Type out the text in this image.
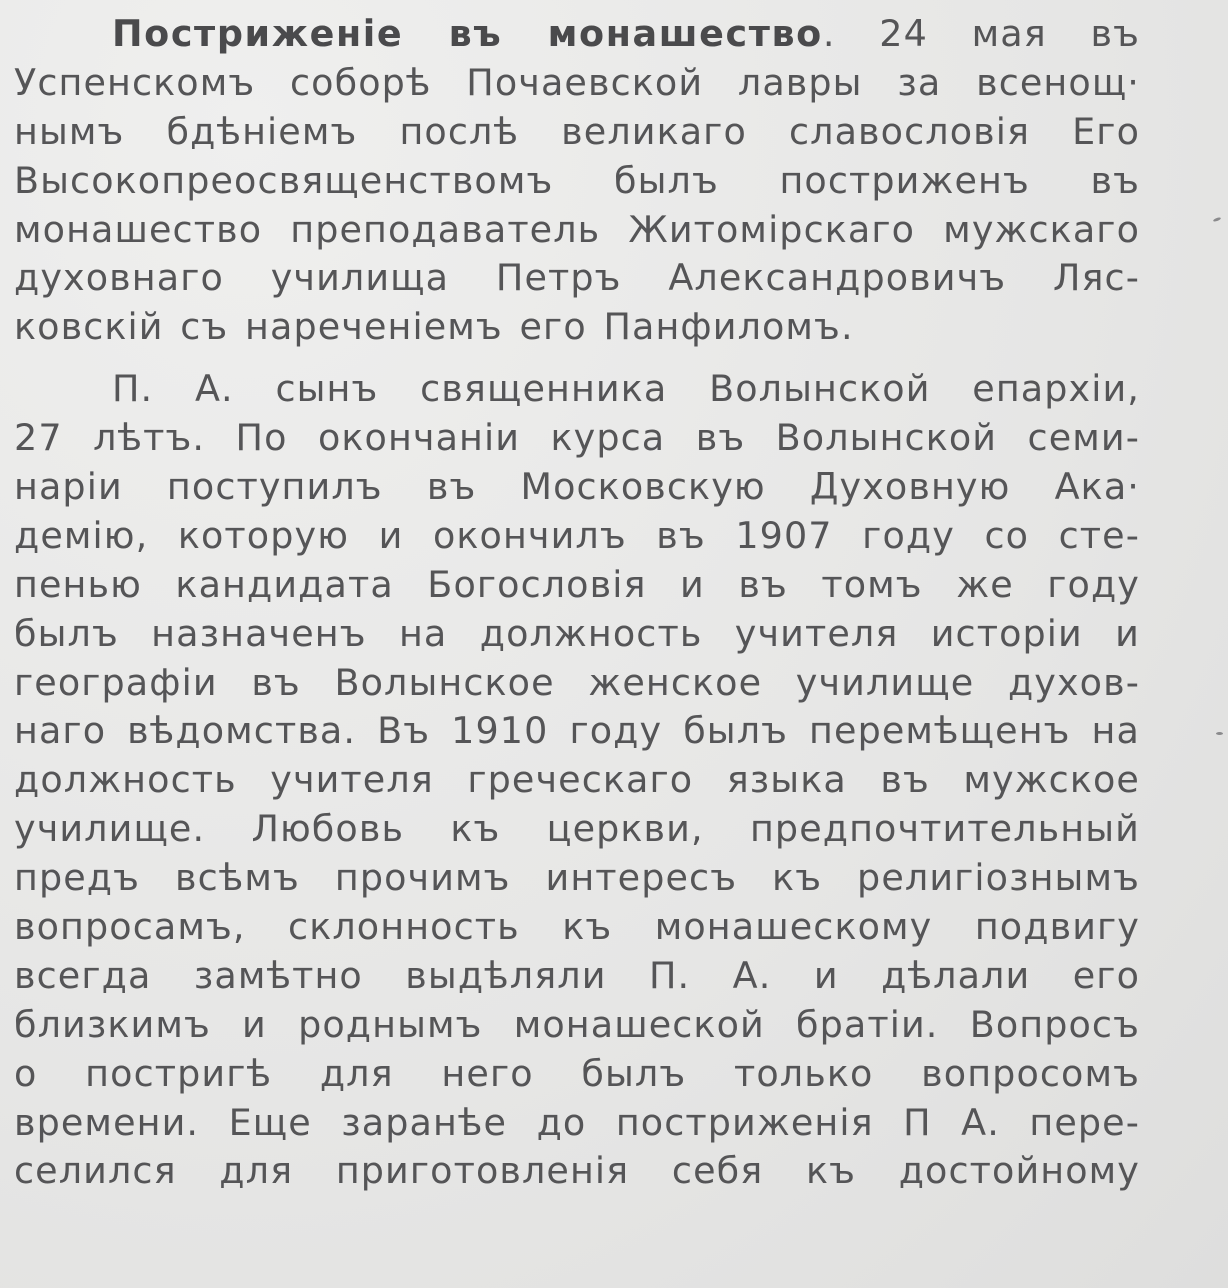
Постриженіе въ монашество. 24 мая въ
Успенскомъ соборѣ Почаевской лавры за всенощ·
нымъ бдѣніемъ послѣ великаго славословія Его
Высокопреосвященствомъ былъ постриженъ въ
монашество преподаватель Житомірскаго мужскаго
духовнаго училища Петръ Александровичъ Ляс-
ковскій съ нареченіемъ его Панфиломъ.
П. А. сынъ священника Волынской епархіи,
27 лѣтъ. По окончаніи курса въ Волынской семи-
наріи поступилъ въ Московскую Духовную Ака·
демію, которую и окончилъ въ 1907 году со сте-
пенью кандидата Богословія и въ томъ же году
былъ назначенъ на должность учителя исторіи и
географіи въ Волынское женское училище духов-
наго вѣдомства. Въ 1910 году былъ перемѣщенъ на
должность учителя греческаго языка въ мужское
училище. Любовь къ церкви, предпочтительный
предъ всѣмъ прочимъ интересъ къ религіознымъ
вопросамъ, склонность къ монашескому подвигу
всегда замѣтно выдѣляли П. А. и дѣлали его
близкимъ и роднымъ монашеской братіи. Вопросъ
о постригѣ для него былъ только вопросомъ
времени. Еще заранѣе до постриженія П А. пере-
селился для приготовленія себя къ достойному
